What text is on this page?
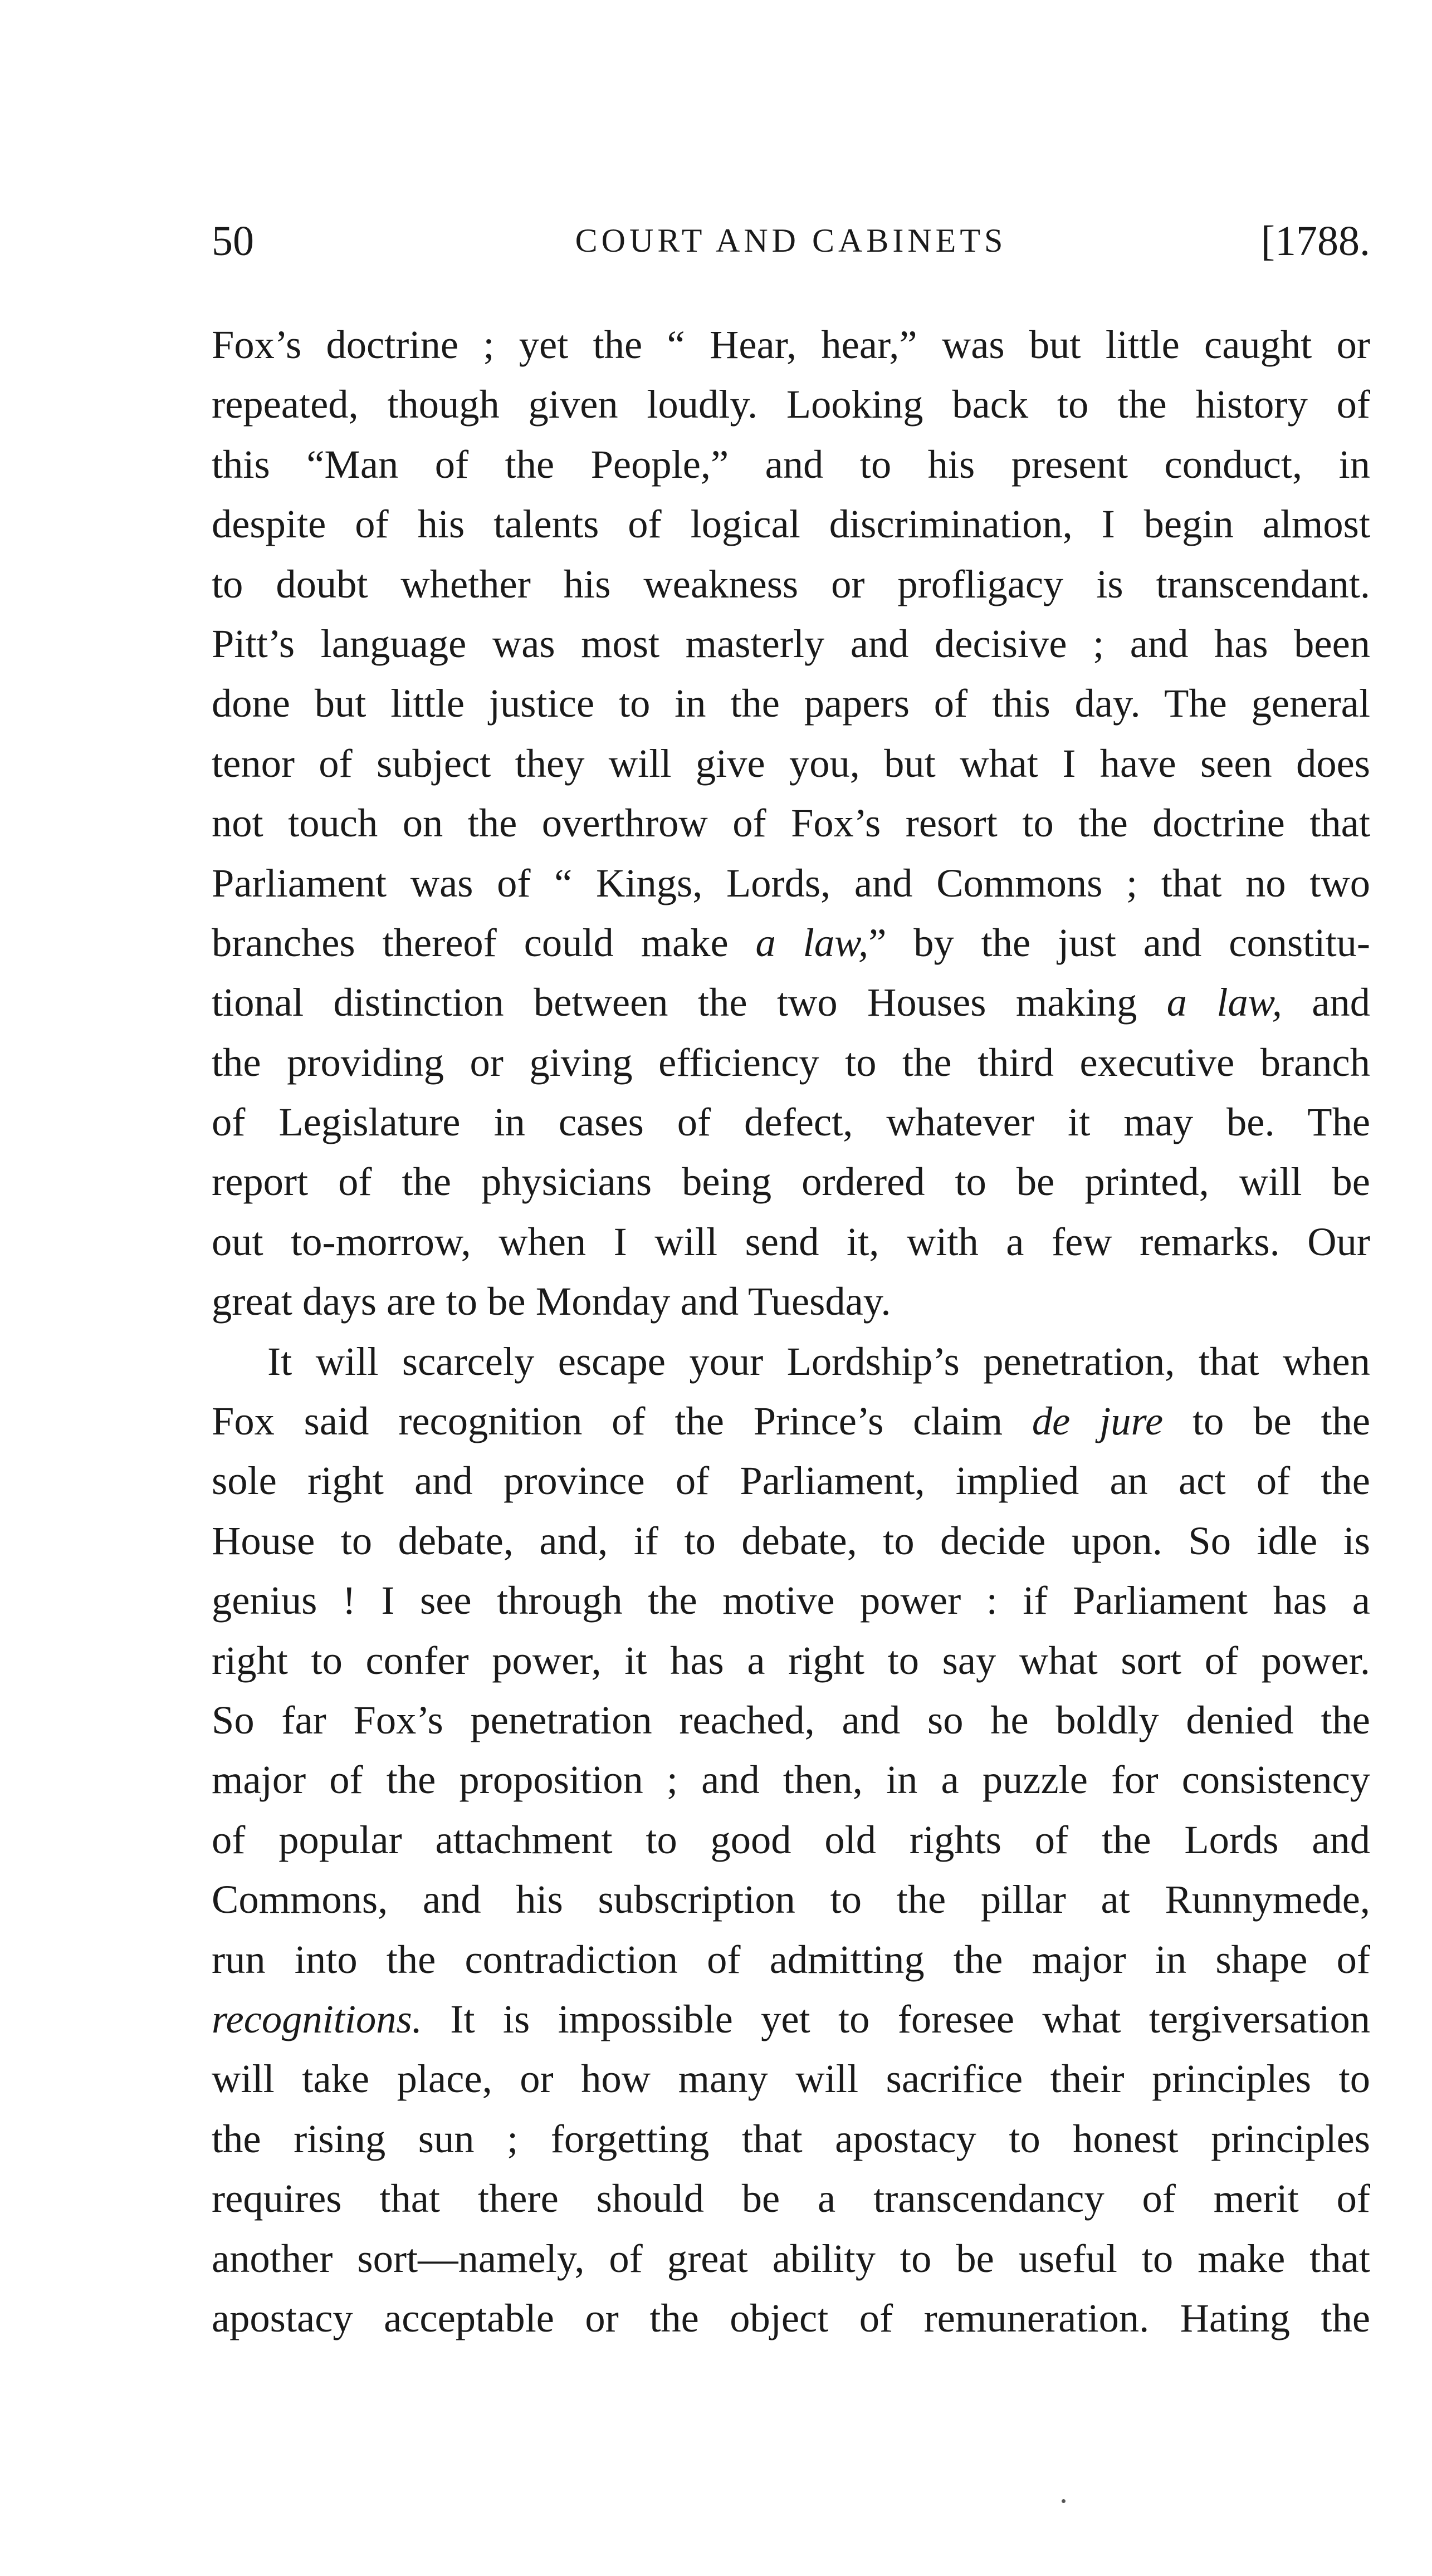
50	COURT AND CABINETS	[1788.
Fox’s doctrine ; yet the “ Hear, hear,” was but little caught or
repeated, though given loudly. Looking back to the history of
this “Man of the People,” and to his present conduct, in
despite of his talents of logical discrimination, I begin almost
to doubt whether his weakness or profligacy is transcendant.
Pitt’s language was most masterly and decisive ; and has been
done but little justice to in the papers of this day. The general
tenor of subject they will give you, but what I have seen does
not touch on the overthrow of Fox’s resort to the doctrine that
Parliament was of “ Kings, Lords, and Commons ; that no two
branches thereof could make a law,” by the just and constitu-
tional distinction between the two Houses making a law, and
the providing or giving efficiency to the third executive branch
of Legislature in cases of defect, whatever it may be. The
report of the physicians being ordered to be printed, will be
out to-morrow, when I will send it, with a few remarks. Our
great days are to be Monday and Tuesday.
It will scarcely escape your Lordship’s penetration, that when
Fox said recognition of the Prince’s claim de jure to be the
sole right and province of Parliament, implied an act of the
House to debate, and, if to debate, to decide upon. So idle is
genius ! I see through the motive power : if Parliament has a
right to confer power, it has a right to say what sort of power.
So far Fox’s penetration reached, and so he boldly denied the
major of the proposition ; and then, in a puzzle for consistency
of popular attachment to good old rights of the Lords and
Commons, and his subscription to the pillar at Runnymede,
run into the contradiction of admitting the major in shape of
recognitions. It is impossible yet to foresee what tergiversation
will take place, or how many will sacrifice their principles to
the rising sun ; forgetting that apostacy to honest principles
requires that there should be a transcendancy of merit of
another sort—namely, of great ability to be useful to make that
apostacy acceptable or the object of remuneration. Hating the
